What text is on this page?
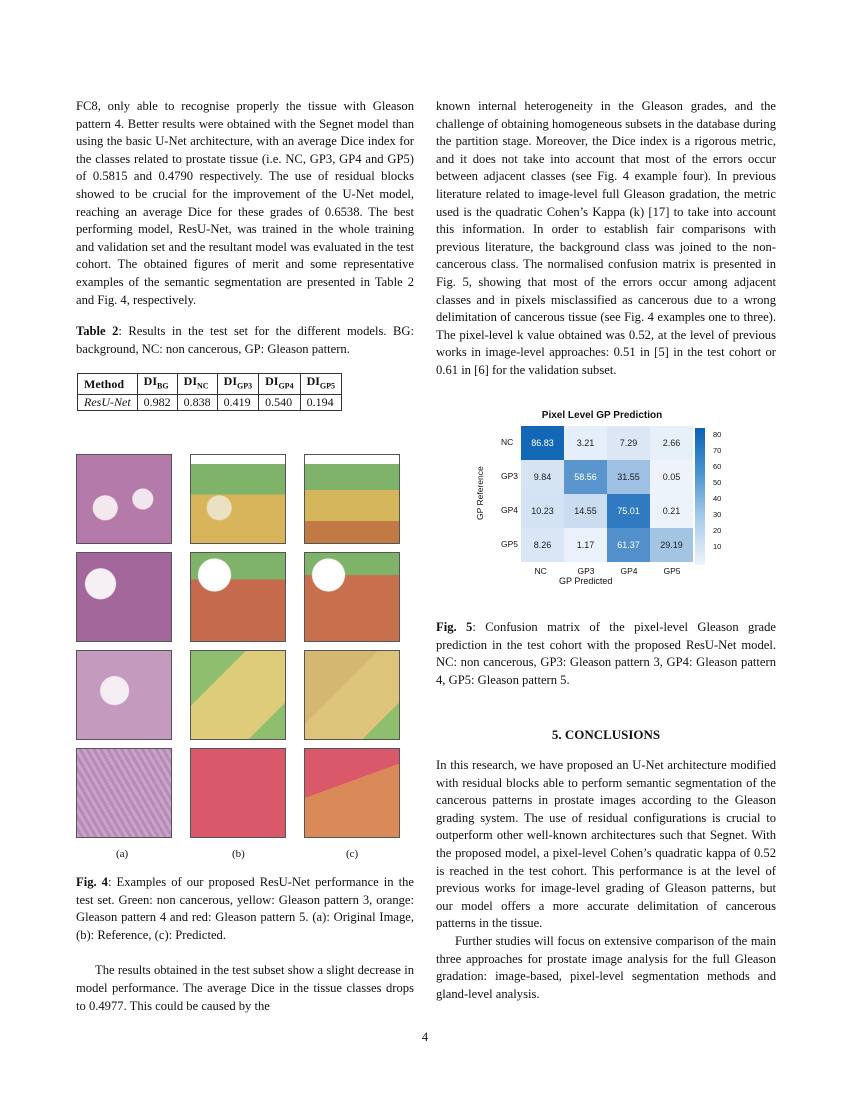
FC8, only able to recognise properly the tissue with Gleason pattern 4. Better results were obtained with the Segnet model than using the basic U-Net architecture, with an average Dice index for the classes related to prostate tissue (i.e. NC, GP3, GP4 and GP5) of 0.5815 and 0.4790 respectively. The use of residual blocks showed to be crucial for the improvement of the U-Net model, reaching an average Dice for these grades of 0.6538. The best performing model, ResU-Net, was trained in the whole training and validation set and the resultant model was evaluated in the test cohort. The obtained figures of merit and some representative examples of the semantic segmentation are presented in Table 2 and Fig. 4, respectively.

Table 2: Results in the test set for the different models. BG: background, NC: non cancerous, GP: Gleason pattern.

Method	$DI_{BG}$	$DI_{NC}$	$DI_{GP3}$	$DI_{GP4}$	$DI_{GP5}$
ResU-Net	0.982	0.838	0.419	0.540	0.194
(a)	(b)	(c)

Fig. 4: Examples of our proposed ResU-Net performance in the test set. Green: non cancerous, yellow: Gleason pattern 3, orange: Gleason pattern 4 and red: Gleason pattern 5. (a): Original Image, (b): Reference, (c): Predicted.

The results obtained in the test subset show a slight decrease in model performance. The average Dice in the tissue classes drops to 0.4977. This could be caused by the

known internal heterogeneity in the Gleason grades, and the challenge of obtaining homogeneous subsets in the database during the partition stage. Moreover, the Dice index is a rigorous metric, and it does not take into account that most of the errors occur between adjacent classes (see Fig. 4 example four). In previous literature related to image-level full Gleason gradation, the metric used is the quadratic Cohen’s Kappa (k) [17] to take into account this information. In order to establish fair comparisons with previous literature, the background class was joined to the non-cancerous class. The normalised confusion matrix is presented in Fig. 5, showing that most of the errors occur among adjacent classes and in pixels misclassified as cancerous due to a wrong delimitation of cancerous tissue (see Fig. 4 examples one to three). The pixel-level k value obtained was 0.52, at the level of previous works in image-level approaches: 0.51 in [5] in the test cohort or 0.61 in [6] for the validation subset.

Pixel Level GP Prediction
NC	86.83	3.21	7.29	2.66
GP3	9.84	58.56	31.55	0.05
GP4	10.23	14.55	75.01	0.21
GP5	8.26	1.17	61.37	29.19
NC	GP3	GP4	GP5
80
70
60
50
40
30
20
10
GP Reference
GP Predicted

Fig. 5: Confusion matrix of the pixel-level Gleason grade prediction in the test cohort with the proposed ResU-Net model. NC: non cancerous, GP3: Gleason pattern 3, GP4: Gleason pattern 4, GP5: Gleason pattern 5.

5. CONCLUSIONS

In this research, we have proposed an U-Net architecture modified with residual blocks able to perform semantic segmentation of the cancerous patterns in prostate images according to the Gleason grading system. The use of residual configurations is crucial to outperform other well-known architectures such that Segnet. With the proposed model, a pixel-level Cohen’s quadratic kappa of 0.52 is reached in the test cohort. This performance is at the level of previous works for image-level grading of Gleason patterns, but our model offers a more accurate delimitation of cancerous patterns in the tissue.

Further studies will focus on extensive comparison of the main three approaches for prostate image analysis for the full Gleason gradation: image-based, pixel-level segmentation methods and gland-level analysis.

4
